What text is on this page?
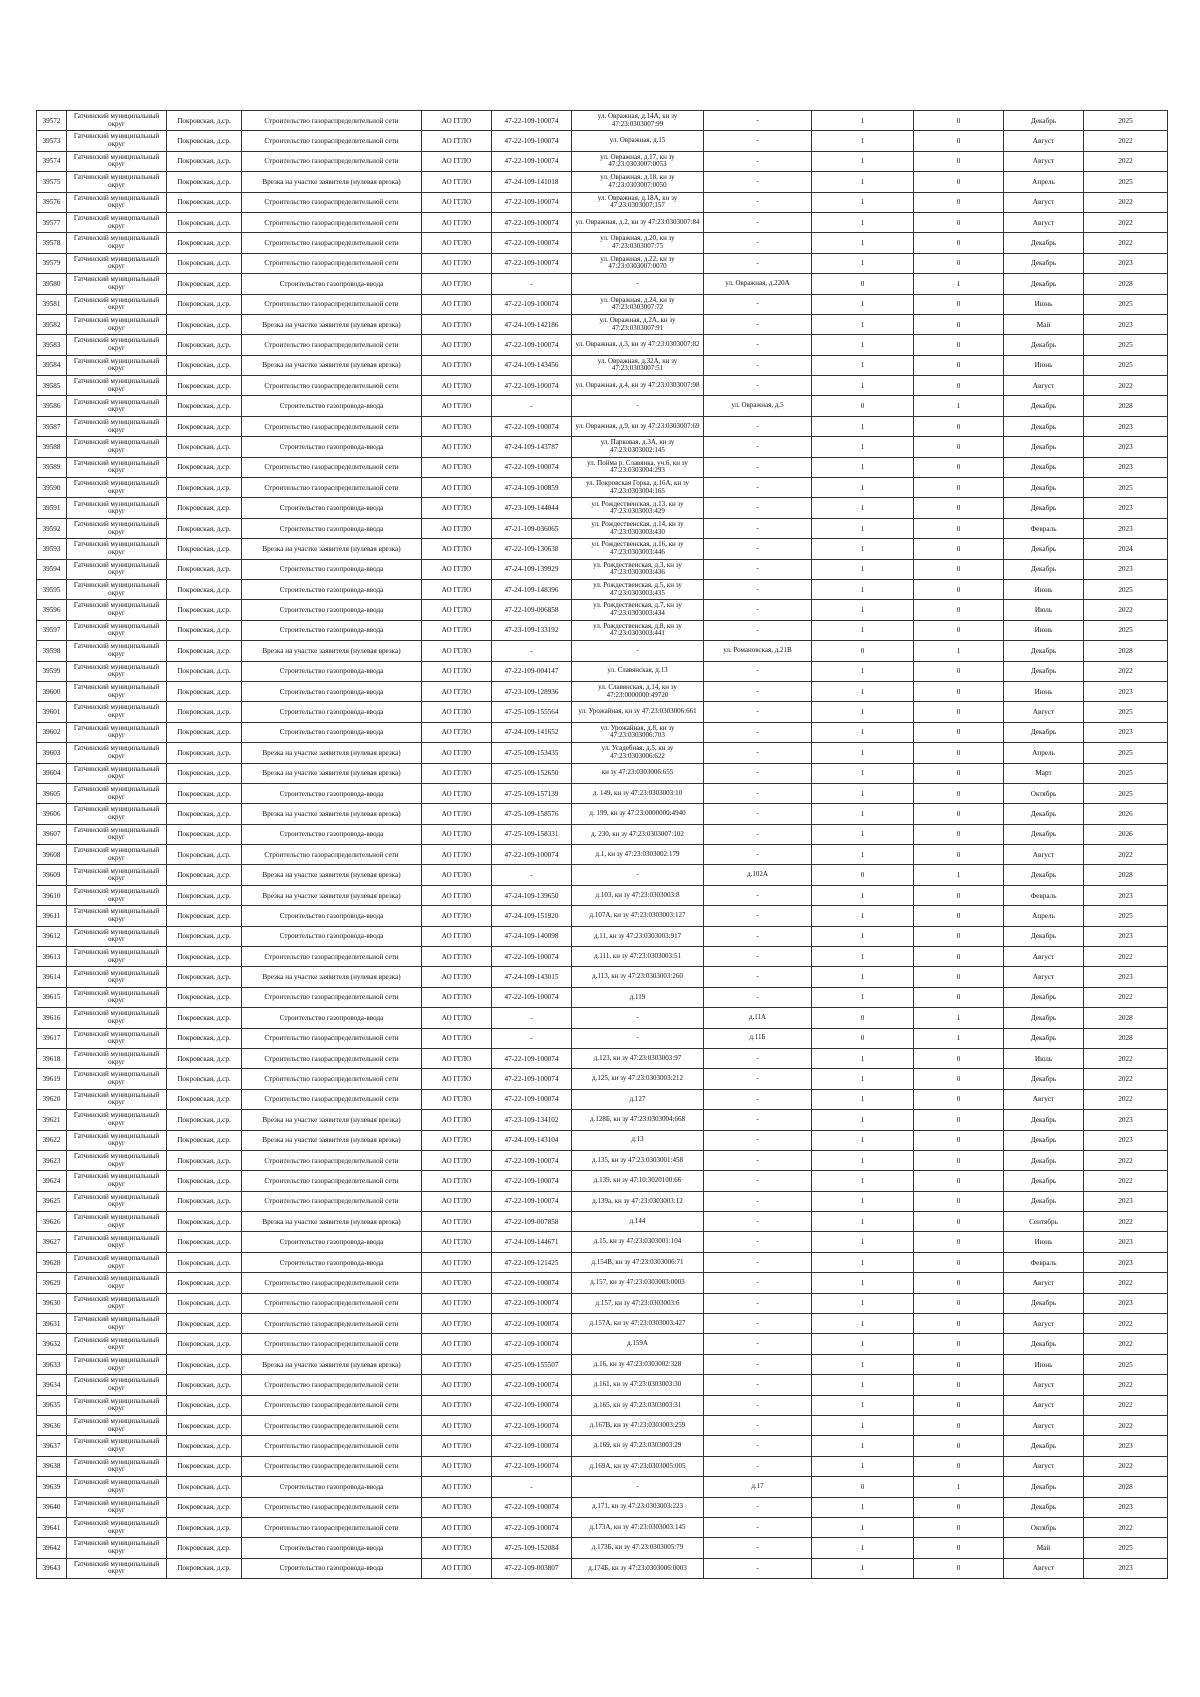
39572	Гатчинский муниципальный округ	Покровская, д.ср.	Строительство газораспределительной сети	АО ГГЛО	47-22-109-100074	ул. Овражная, д.14А, кн зу 47:23:0303007:99	-	1	0	Декабрь	2025
39573	Гатчинский муниципальный округ	Покровская, д.ср.	Строительство газораспределительной сети	АО ГГЛО	47-22-109-100074	ул. Овражная, д.15	-	1	0	Август	2022
39574	Гатчинский муниципальный округ	Покровская, д.ср.	Строительство газораспределительной сети	АО ГГЛО	47-22-109-100074	ул. Овражная, д.17, кн зу 47:23:0303007:0053	-	1	0	Август	2022
39575	Гатчинский муниципальный округ	Покровская, д.ср.	Врезка на участке заявителя (нулевая врезка)	АО ГГЛО	47-24-109-141018	ул. Овражная, д.18, кн зу 47:23:0303007:0050	-	1	0	Апрель	2025
39576	Гатчинский муниципальный округ	Покровская, д.ср.	Строительство газораспределительной сети	АО ГГЛО	47-22-109-100074	ул. Овражная, д.18А, кн зу 47:23:0303007:157	-	1	0	Август	2022
39577	Гатчинский муниципальный округ	Покровская, д.ср.	Строительство газораспределительной сети	АО ГГЛО	47-22-109-100074	ул. Овражная, д.2, кн зу 47:23:0303007:84	-	1	0	Август	2022
39578	Гатчинский муниципальный округ	Покровская, д.ср.	Строительство газораспределительной сети	АО ГГЛО	47-22-109-100074	ул. Овражная, д.20, кн зу 47:23:0303007:75	-	1	0	Декабрь	2022
39579	Гатчинский муниципальный округ	Покровская, д.ср.	Строительство газораспределительной сети	АО ГГЛО	47-22-109-100074	ул. Овражная, д.22, кн зу 47:23:0303007:0070	-	1	0	Декабрь	2023
39580	Гатчинский муниципальный округ	Покровская, д.ср.	Строительство газопровода-ввода	АО ГГЛО	-	-	ул. Овражная, д.220А	0	1	Декабрь	2028
39581	Гатчинский муниципальный округ	Покровская, д.ср.	Строительство газораспределительной сети	АО ГГЛО	47-22-109-100074	ул. Овражная, д.24, кн зу 47:23:0303007:72	-	1	0	Июнь	2025
39582	Гатчинский муниципальный округ	Покровская, д.ср.	Врезка на участке заявителя (нулевая врезка)	АО ГГЛО	47-24-109-142186	ул. Овражная, д.2А, кн зу 47:23:0303007:91	-	1	0	Май	2023
39583	Гатчинский муниципальный округ	Покровская, д.ср.	Строительство газораспределительной сети	АО ГГЛО	47-22-109-100074	ул. Овражная, д.3, кн зу 47:23:0303007:82	-	1	0	Декабрь	2025
39584	Гатчинский муниципальный округ	Покровская, д.ср.	Врезка на участке заявителя (нулевая врезка)	АО ГГЛО	47-24-109-143456	ул. Овражная, д.32А, кн зу 47:23:0303007:51	-	1	0	Июнь	2025
39585	Гатчинский муниципальный округ	Покровская, д.ср.	Строительство газораспределительной сети	АО ГГЛО	47-22-109-100074	ул. Овражная, д.4, кн зу 47:23:0303007:98	-	1	0	Август	2022
39586	Гатчинский муниципальный округ	Покровская, д.ср.	Строительство газопровода-ввода	АО ГГЛО	-	-	ул. Овражная, д.5	0	1	Декабрь	2028
39587	Гатчинский муниципальный округ	Покровская, д.ср.	Строительство газораспределительной сети	АО ГГЛО	47-22-109-100074	ул. Овражная, д.9, кн зу 47:23:0303007:69	-	1	0	Декабрь	2023
39588	Гатчинский муниципальный округ	Покровская, д.ср.	Строительство газопровода-ввода	АО ГГЛО	47-24-109-143787	ул. Парковая, д.3А, кн зу 47:23:0303002:145	-	1	0	Декабрь	2023
39589	Гатчинский муниципальный округ	Покровская, д.ср.	Строительство газораспределительной сети	АО ГГЛО	47-22-109-100074	ул. Пойма р. Славянка, уч.6, кн зу 47:23:0303004:293	-	1	0	Декабрь	2023
39590	Гатчинский муниципальный округ	Покровская, д.ср.	Строительство газораспределительной сети	АО ГГЛО	47-24-109-100859	ул. Покровская Горка, д.16А, кн зу 47:23:0303004:165	-	1	0	Декабрь	2025
39591	Гатчинский муниципальный округ	Покровская, д.ср.	Строительство газопровода-ввода	АО ГГЛО	47-23-109-144044	ул. Рождественская, д.13, кн зу 47:23:0303003:429	-	1	0	Декабрь	2023
39592	Гатчинский муниципальный округ	Покровская, д.ср.	Строительство газопровода-ввода	АО ГГЛО	47-21-109-036065	ул. Рождественская, д.14, кн зу 47:23:0303003:430	-	1	0	Февраль	2023
39593	Гатчинский муниципальный округ	Покровская, д.ср.	Врезка на участке заявителя (нулевая врезка)	АО ГГЛО	47-22-109-130638	ул. Рождественская, д.16, кн зу 47:23:0303003:446	-	1	0	Декабрь	2024
39594	Гатчинский муниципальный округ	Покровская, д.ср.	Строительство газопровода-ввода	АО ГГЛО	47-24-109-139929	ул. Рождественская, д.3, кн зу 47:23:0303003:436	-	1	0	Декабрь	2023
39595	Гатчинский муниципальный округ	Покровская, д.ср.	Строительство газопровода-ввода	АО ГГЛО	47-24-109-148396	ул. Рождественская, д.5, кн зу 47:23:0303003:435	-	1	0	Июнь	2025
39596	Гатчинский муниципальный округ	Покровская, д.ср.	Строительство газопровода-ввода	АО ГГЛО	47-22-109-006858	ул. Рождественская, д.7, кн зу 47:23:0303003:434	-	1	0	Июль	2022
39597	Гатчинский муниципальный округ	Покровская, д.ср.	Строительство газопровода-ввода	АО ГГЛО	47-23-109-133192	ул. Рождественская, д.8, кн зу 47:23:0303003:441	-	1	0	Июнь	2025
39598	Гатчинский муниципальный округ	Покровская, д.ср.	Врезка на участке заявителя (нулевая врезка)	АО ГГЛО	-	-	ул. Романовская, д.21В	0	1	Декабрь	2028
39599	Гатчинский муниципальный округ	Покровская, д.ср.	Строительство газопровода-ввода	АО ГГЛО	47-22-109-004147	ул. Славянская, д.13	-	1	0	Декабрь	2022
39600	Гатчинский муниципальный округ	Покровская, д.ср.	Строительство газопровода-ввода	АО ГГЛО	47-23-109-128936	ул. Славянская, д.14, кн зу 47:23:0000000:49720	-	1	0	Июнь	2023
39601	Гатчинский муниципальный округ	Покровская, д.ср.	Строительство газопровода-ввода	АО ГГЛО	47-25-109-155564	ул. Урожайная, кн зу 47:23:0303006:661	-	1	0	Август	2025
39602	Гатчинский муниципальный округ	Покровская, д.ср.	Строительство газопровода-ввода	АО ГГЛО	47-24-109-141652	ул. Урожайная, д.8, кн зу 47:23:0303006:703	-	1	0	Декабрь	2023
39603	Гатчинский муниципальный округ	Покровская, д.ср.	Врезка на участке заявителя (нулевая врезка)	АО ГГЛО	47-25-109-153435	ул. Усадебная, д.5, кн зу 47:23:0303006:622	-	1	0	Апрель	2025
39604	Гатчинский муниципальный округ	Покровская, д.ср.	Врезка на участке заявителя (нулевая врезка)	АО ГГЛО	47-25-109-152650	кн зу 47:23:0303006:655	-	1	0	Март	2025
39605	Гатчинский муниципальный округ	Покровская, д.ср.	Строительство газопровода-ввода	АО ГГЛО	47-25-109-157139	д. 149, кн зу 47:23:0303003:10	-	1	0	Октябрь	2025
39606	Гатчинский муниципальный округ	Покровская, д.ср.	Врезка на участке заявителя (нулевая врезка)	АО ГГЛО	47-25-109-158576	д. 199, кн зу 47:23:0000000:4940	-	1	0	Декабрь	2026
39607	Гатчинский муниципальный округ	Покровская, д.ср.	Строительство газопровода-ввода	АО ГГЛО	47-25-109-158331	д. 230, кн зу 47:23:0303007:102	-	1	0	Декабрь	2026
39608	Гатчинский муниципальный округ	Покровская, д.ср.	Строительство газораспределительной сети	АО ГГЛО	47-22-109-100074	д.1, кн зу 47:23:0303002:179	-	1	0	Август	2022
39609	Гатчинский муниципальный округ	Покровская, д.ср.	Врезка на участке заявителя (нулевая врезка)	АО ГГЛО	-	-	д.102А	0	1	Декабрь	2028
39610	Гатчинский муниципальный округ	Покровская, д.ср.	Врезка на участке заявителя (нулевая врезка)	АО ГГЛО	47-24-109-139650	д.103, кн зу 47:23:0303003:8	-	1	0	Февраль	2023
39611	Гатчинский муниципальный округ	Покровская, д.ср.	Строительство газопровода-ввода	АО ГГЛО	47-24-109-151920	д.107А, кн зу 47:23:0303003:127	-	1	0	Апрель	2025
39612	Гатчинский муниципальный округ	Покровская, д.ср.	Строительство газопровода-ввода	АО ГГЛО	47-24-109-140098	д.11, кн зу 47:23:0303003:917	-	1	0	Декабрь	2023
39613	Гатчинский муниципальный округ	Покровская, д.ср.	Строительство газораспределительной сети	АО ГГЛО	47-22-109-100074	д.111, кн зу 47:23:0303003:51	-	1	0	Август	2022
39614	Гатчинский муниципальный округ	Покровская, д.ср.	Врезка на участке заявителя (нулевая врезка)	АО ГГЛО	47-24-109-143015	д.113, кн зу 47:23:0303003:260	-	1	0	Август	2023
39615	Гатчинский муниципальный округ	Покровская, д.ср.	Строительство газораспределительной сети	АО ГГЛО	47-22-109-100074	д.119	-	1	0	Декабрь	2022
39616	Гатчинский муниципальный округ	Покровская, д.ср.	Строительство газопровода-ввода	АО ГГЛО	-	-	д.11А	0	1	Декабрь	2028
39617	Гатчинский муниципальный округ	Покровская, д.ср.	Строительство газораспределительной сети	АО ГГЛО	-	-	д.11Б	0	1	Декабрь	2028
39618	Гатчинский муниципальный округ	Покровская, д.ср.	Строительство газораспределительной сети	АО ГГЛО	47-22-109-100074	д.123, кн зу 47:23:0303003:97	-	1	0	Июль	2022
39619	Гатчинский муниципальный округ	Покровская, д.ср.	Строительство газораспределительной сети	АО ГГЛО	47-22-109-100074	д.125, кн зу 47:23:0303003:212	-	1	0	Декабрь	2022
39620	Гатчинский муниципальный округ	Покровская, д.ср.	Строительство газораспределительной сети	АО ГГЛО	47-22-109-100074	д.127	-	1	0	Август	2022
39621	Гатчинский муниципальный округ	Покровская, д.ср.	Врезка на участке заявителя (нулевая врезка)	АО ГГЛО	47-23-109-134102	д.128Б, кн зу 47:23:0303004:668	-	1	0	Декабрь	2023
39622	Гатчинский муниципальный округ	Покровская, д.ср.	Врезка на участке заявителя (нулевая врезка)	АО ГГЛО	47-24-109-143104	д.13	-	1	0	Декабрь	2023
39623	Гатчинский муниципальный округ	Покровская, д.ср.	Строительство газораспределительной сети	АО ГГЛО	47-22-109-100074	д.135, кн зу 47:23:0303001:458	-	1	0	Декабрь	2022
39624	Гатчинский муниципальный округ	Покровская, д.ср.	Строительство газораспределительной сети	АО ГГЛО	47-22-109-100074	д.139, кн зу 47:10:3020100:66	-	1	0	Декабрь	2022
39625	Гатчинский муниципальный округ	Покровская, д.ср.	Строительство газораспределительной сети	АО ГГЛО	47-22-109-100074	д.139а, кн зу 47:23:0303003:12	-	1	0	Декабрь	2023
39626	Гатчинский муниципальный округ	Покровская, д.ср.	Врезка на участке заявителя (нулевая врезка)	АО ГГЛО	47-22-109-007858	д.144	-	1	0	Сентябрь	2022
39627	Гатчинский муниципальный округ	Покровская, д.ср.	Строительство газопровода-ввода	АО ГГЛО	47-24-109-144671	д.15, кн зу 47:23:0303001:104	-	1	0	Июнь	2023
39628	Гатчинский муниципальный округ	Покровская, д.ср.	Строительство газопровода-ввода	АО ГГЛО	47-22-109-121425	д.154В, кн зу 47:23:0303006:71	-	1	0	Февраль	2023
39629	Гатчинский муниципальный округ	Покровская, д.ср.	Строительство газораспределительной сети	АО ГГЛО	47-22-109-100074	д.157, кн зу 47:23:0303003:0003	-	1	0	Август	2022
39630	Гатчинский муниципальный округ	Покровская, д.ср.	Строительство газораспределительной сети	АО ГГЛО	47-22-109-100074	д.157, кн зу 47:23:0303003:6	-	1	0	Декабрь	2023
39631	Гатчинский муниципальный округ	Покровская, д.ср.	Строительство газораспределительной сети	АО ГГЛО	47-22-109-100074	д.157А, кн зу 47:23:0303003:427	-	1	0	Август	2022
39632	Гатчинский муниципальный округ	Покровская, д.ср.	Строительство газораспределительной сети	АО ГГЛО	47-22-109-100074	д.159А	-	1	0	Декабрь	2022
39633	Гатчинский муниципальный округ	Покровская, д.ср.	Врезка на участке заявителя (нулевая врезка)	АО ГГЛО	47-25-109-155507	д.16, кн зу 47:23:0303002:328	-	1	0	Июнь	2025
39634	Гатчинский муниципальный округ	Покровская, д.ср.	Строительство газораспределительной сети	АО ГГЛО	47-22-109-100074	д.161, кн зу 47:23:0303003:30	-	1	0	Август	2022
39635	Гатчинский муниципальный округ	Покровская, д.ср.	Строительство газораспределительной сети	АО ГГЛО	47-22-109-100074	д.165, кн зу 47:23:0303003:31	-	1	0	Август	2022
39636	Гатчинский муниципальный округ	Покровская, д.ср.	Строительство газораспределительной сети	АО ГГЛО	47-22-109-100074	д.167В, кн зу 47:23:0303003:259	-	1	0	Август	2022
39637	Гатчинский муниципальный округ	Покровская, д.ср.	Строительство газораспределительной сети	АО ГГЛО	47-22-109-100074	д.169, кн зу 47:23:0303003:29	-	1	0	Декабрь	2023
39638	Гатчинский муниципальный округ	Покровская, д.ср.	Строительство газораспределительной сети	АО ГГЛО	47-22-109-100074	д.169А, кн зу 47:23:0303005:005	-	1	0	Август	2022
39639	Гатчинский муниципальный округ	Покровская, д.ср.	Строительство газопровода-ввода	АО ГГЛО	-	-	д.17	0	1	Декабрь	2028
39640	Гатчинский муниципальный округ	Покровская, д.ср.	Строительство газораспределительной сети	АО ГГЛО	47-22-109-100074	д.171, кн зу 47:23:0303003:223	-	1	0	Декабрь	2023
39641	Гатчинский муниципальный округ	Покровская, д.ср.	Строительство газораспределительной сети	АО ГГЛО	47-22-109-100074	д.173А, кн зу 47:23:0303003:145	-	1	0	Октябрь	2022
39642	Гатчинский муниципальный округ	Покровская, д.ср.	Строительство газопровода-ввода	АО ГГЛО	47-25-109-152084	д.173Б, кн зу 47:23:0303005:79	-	1	0	Май	2025
39643	Гатчинский муниципальный округ	Покровская, д.ср.	Строительство газопровода-ввода	АО ГГЛО	47-22-109-003807	д.174Б, кн зу 47:23:0303006:0003	-	1	0	Август	2023
